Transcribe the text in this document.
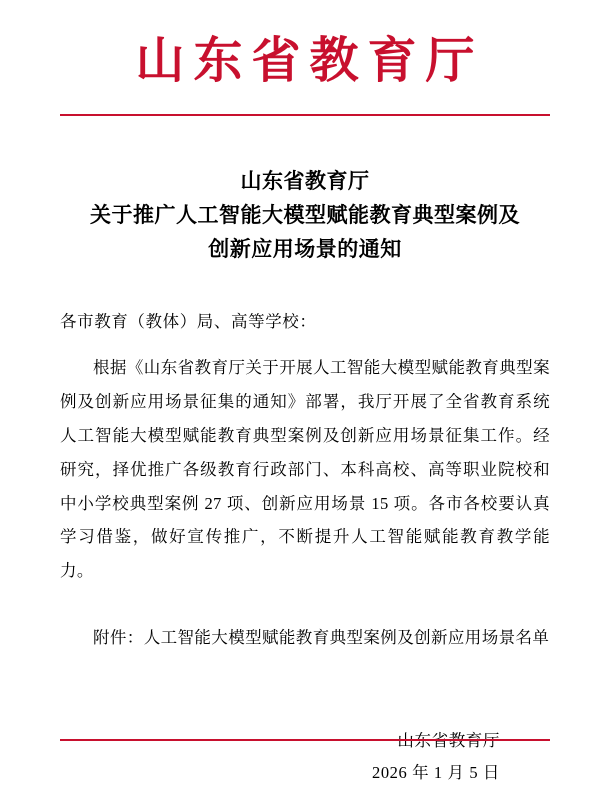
山东省教育厅
山东省教育厅
关于推广人工智能大模型赋能教育典型案例及
创新应用场景的通知
各市教育（教体）局、高等学校：

根据《山东省教育厅关于开展人工智能大模型赋能教育典型案例及创新应用场景征集的通知》部署，我厅开展了全省教育系统人工智能大模型赋能教育典型案例及创新应用场景征集工作。经研究，择优推广各级教育行政部门、本科高校、高等职业院校和中小学校典型案例 27 项、创新应用场景 15 项。各市各校要认真学习借鉴，做好宣传推广，不断提升人工智能赋能教育教学能力。

附件：人工智能大模型赋能教育典型案例及创新应用场景名单
2026 年 1 月 5 日
